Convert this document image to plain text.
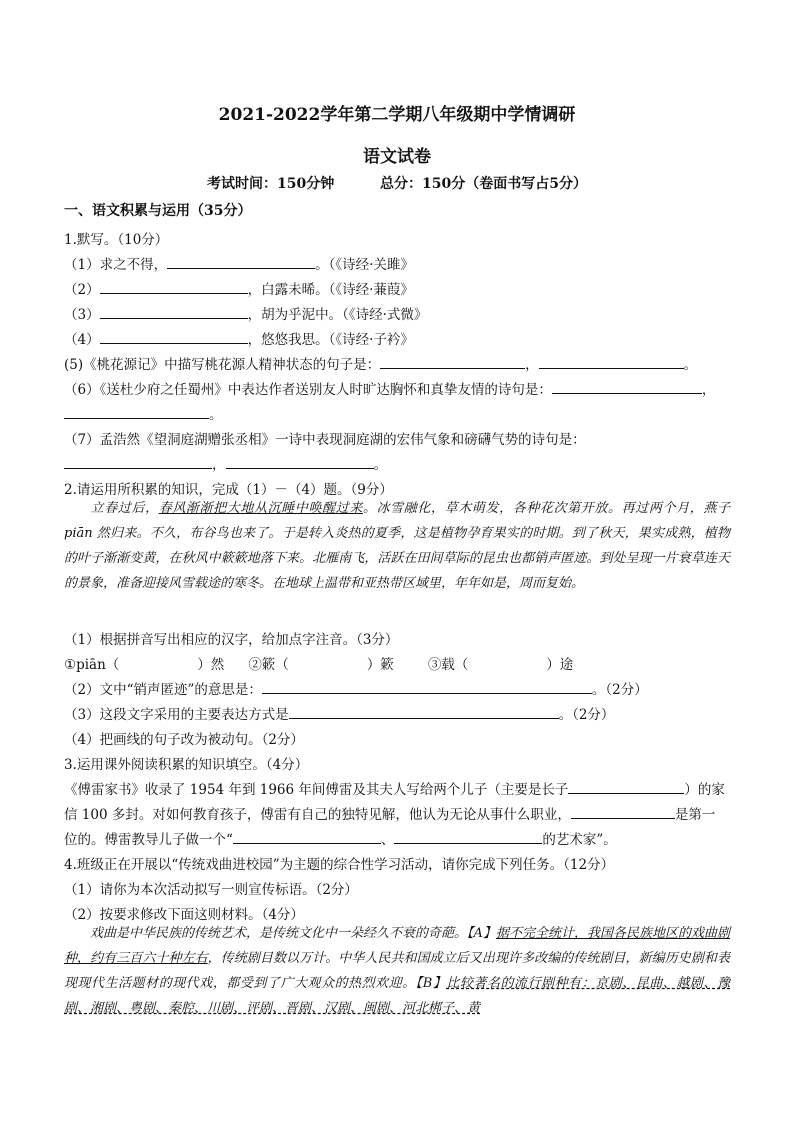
2021-2022学年第二学期八年级期中学情调研
语文试卷
考试时间：150分钟	总分：150分（卷面书写占5分）
一、语文积累与运用（35分）
1.默写。（10分）
（1）求之不得，	。（《诗经·关雎》
（2）	，白露未晞。（《诗经·蒹葭》
（3）	，胡为乎泥中。（《诗经·式微》
（4）	，悠悠我思。（《诗经·子衿》
(5)《桃花源记》中描写桃花源人精神状态的句子是：	，	。
（6）《送杜少府之任蜀州》中表达作者送别友人时旷达胸怀和真挚友情的诗句是：	，
。
（7）孟浩然《望洞庭湖赠张丞相》一诗中表现洞庭湖的宏伟气象和磅礴气势的诗句是：
，	。
2.请运用所积累的知识，完成（1）－（4）题。（9分）
立春过后，春风渐渐把大地从沉睡中唤醒过来。冰雪融化，草木萌发，各种花次第开放。再过两个月，燕子 piān 然归来。不久，布谷鸟也来了。于是转入炎热的夏季，这是植物孕育果实的时期。到了秋天，果实成熟，植物的叶子渐渐变黄，在秋风中簌簌地落下来。北雁南飞，活跃在田间草际的昆虫也都销声匿迹。到处呈现一片衰草连天的景象，准备迎接风雪载途的寒冬。在地球上温带和亚热带区域里，年年如是，周而复始。
（1）根据拼音写出相应的汉字，给加点字注音。（3分）
①piān（	）然 ②簌（	）簌	③载（	）途
（2）文中“销声匿迹”的意思是：	。（2分）
（3）这段文字采用的主要表达方式是	。（2分）
（4）把画线的句子改为被动句。（2分）
3.运用课外阅读积累的知识填空。（4分）
《傅雷家书》收录了 1954 年到 1966 年间傅雷及其夫人写给两个儿子（主要是长子	）的家
信 100 多封。对如何教育孩子，傅雷有自己的独特见解，他认为无论从事什么职业，	是第一
位的。傅雷教导儿子做一个“	、	的艺术家”。
4.班级正在开展以“传统戏曲进校园”为主题的综合性学习活动，请你完成下列任务。（12分）
（1）请你为本次活动拟写一则宣传标语。（2分）
（2）按要求修改下面这则材料。（4分）
戏曲是中华民族的传统艺术，是传统文化中一朵经久不衰的奇葩。【A】据不完全统计，我国各民族地区的戏曲剧种，约有三百六十种左右，传统剧目数以万计。中华人民共和国成立后又出现许多改编的传统剧目，新编历史剧和表现现代生活题材的现代戏，都受到了广大观众的热烈欢迎。【B】比较著名的流行剧种有：京剧、昆曲、越剧、豫剧、湘剧、粤剧、秦腔、川剧、评剧、晋剧、汉剧、闽剧、河北梆子、黄
